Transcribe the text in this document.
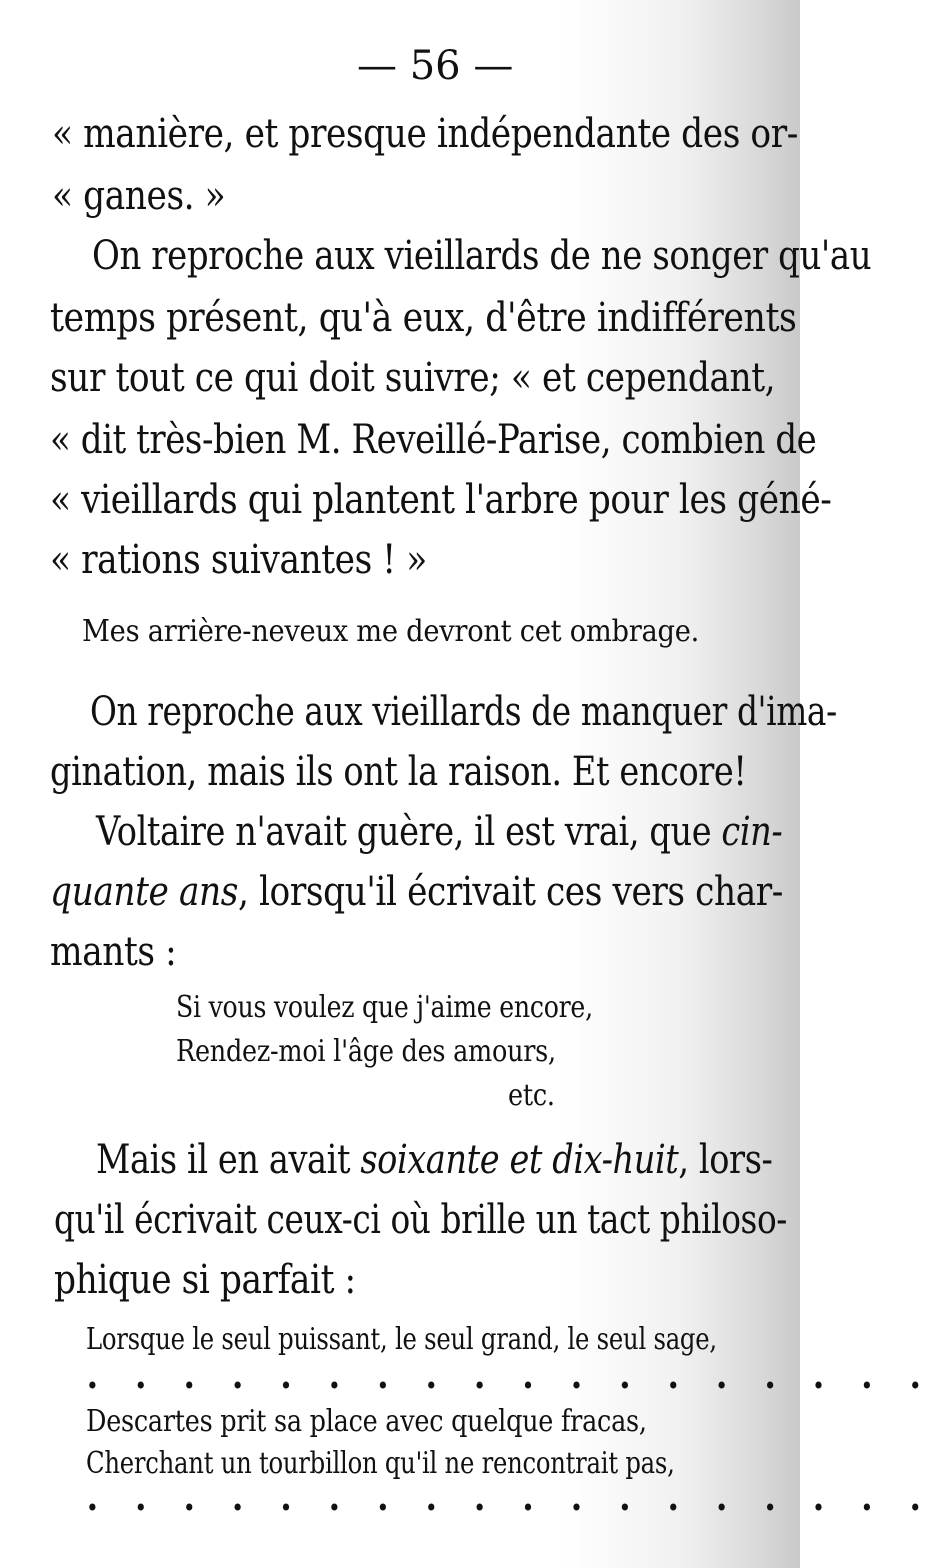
— 56 —
« manière, et presque indépendante des or-
« ganes. »
On reproche aux vieillards de ne songer qu'au
temps présent, qu'à eux, d'être indifférents
sur tout ce qui doit suivre; « et cependant,
« dit très-bien M. Reveillé-Parise, combien de
« vieillards qui plantent l'arbre pour les géné-
« rations suivantes ! »
Mes arrière-neveux me devront cet ombrage.
On reproche aux vieillards de manquer d'ima-
gination, mais ils ont la raison. Et encore!
Voltaire n'avait guère, il est vrai, que cin-
quante ans, lorsqu'il écrivait ces vers char-
mants :
Si vous voulez que j'aime encore,
Rendez-moi l'âge des amours,
etc.
Mais il en avait soixante et dix-huit, lors-
qu'il écrivait ceux-ci où brille un tact philoso-
phique si parfait :
Lorsque le seul puissant, le seul grand, le seul sage,
• • • • • • • • • • • • • • • • • •
Descartes prit sa place avec quelque fracas,
Cherchant un tourbillon qu'il ne rencontrait pas,
• • • • • • • • • • • • • • • • • •
